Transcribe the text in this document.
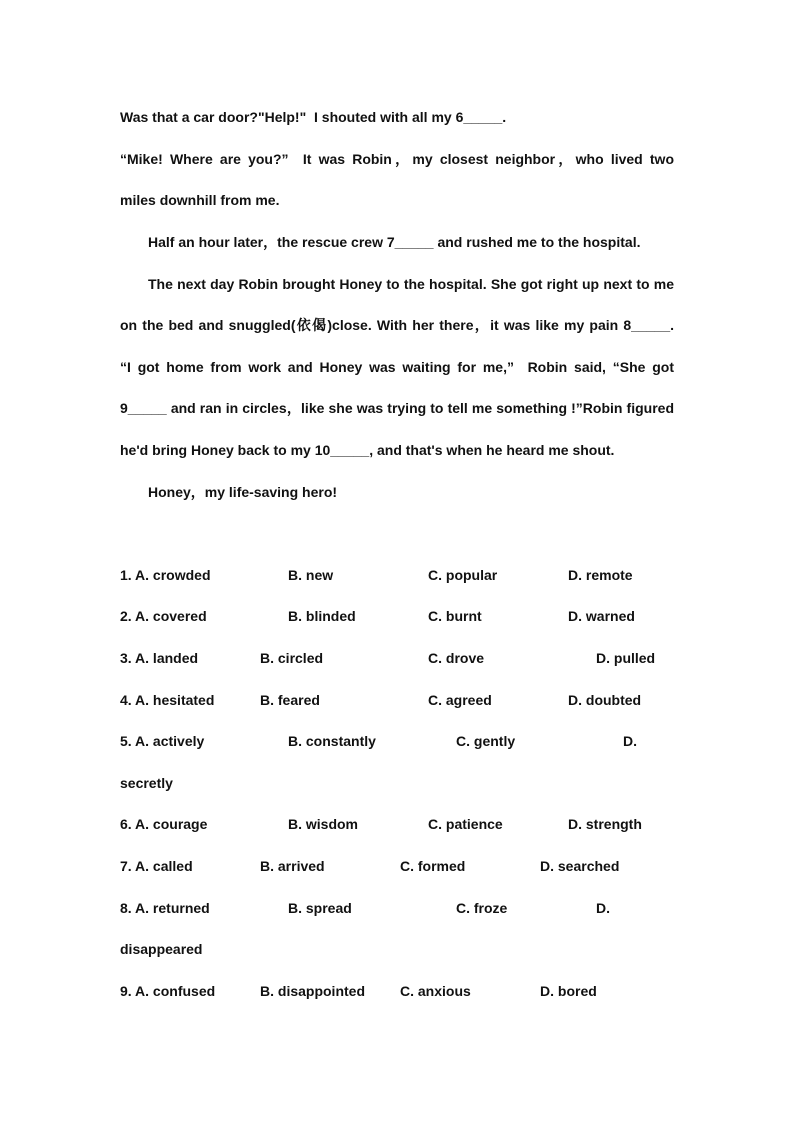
Was that a car door?"Help!"  I shouted with all my 6_____.
“Mike! Where are you?”  It was Robin，my closest neighbor，who lived two
miles downhill from me.
Half an hour later，the rescue crew 7_____ and rushed me to the hospital.
The next day Robin brought Honey to the hospital. She got right up next to me
on the bed and snuggled(依偈)close. With her there，it was like my pain 8_____.
“I got home from work and Honey was waiting for me,”  Robin said, “She got
9_____ and ran in circles，like she was trying to tell me something !”Robin figured
he'd bring Honey back to my 10_____, and that's when he heard me shout.
Honey，my life-saving hero!
1. A. crowded	B. new	C. popular	D. remote
2. A. covered	B. blinded	C. burnt	D. warned
3. A. landed	B. circled	C. drove	D. pulled
4. A. hesitated	B. feared	C. agreed	D. doubted
5. A. actively	B. constantly	C. gently	D.
secretly
6. A. courage	B. wisdom	C. patience	D. strength
7. A. called	B. arrived	C. formed	D. searched
8. A. returned	B. spread	C. froze	D.
disappeared
9. A. confused	B. disappointed	C. anxious	D. bored
